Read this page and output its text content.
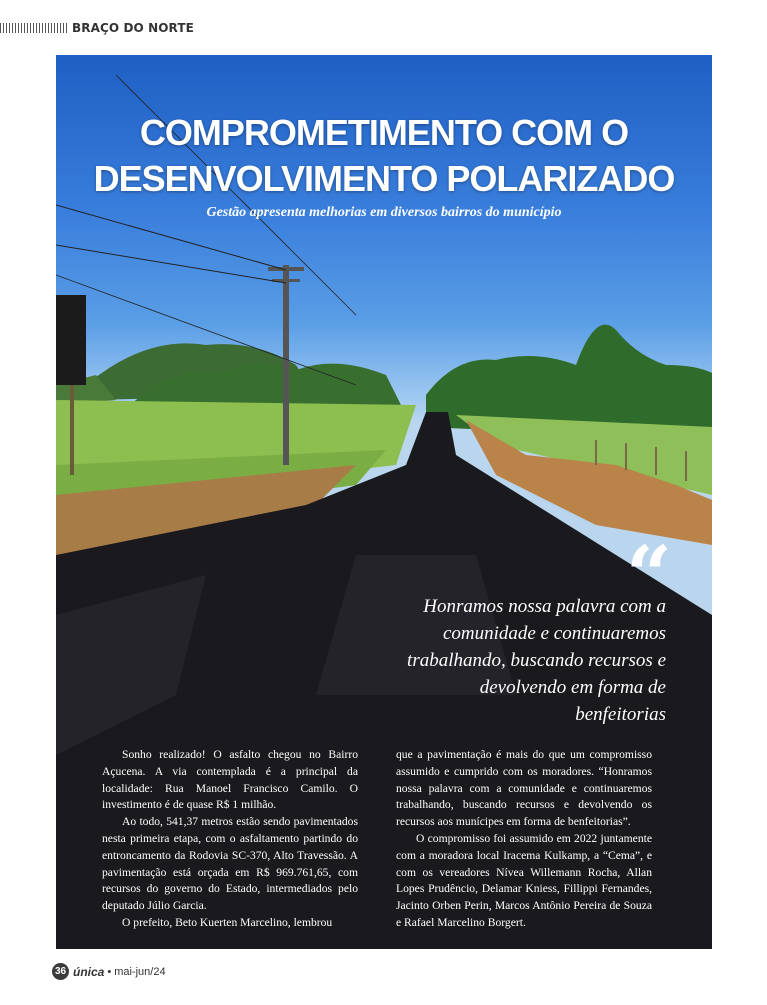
BRAÇO DO NORTE
COMPROMETIMENTO COM O DESENVOLVIMENTO POLARIZADO
Gestão apresenta melhorias em diversos bairros do município
“
Honramos nossa palavra com a comunidade e continuaremos trabalhando, buscando recursos e devolvendo em forma de benfeitorias

Sonho realizado! O asfalto chegou no Bairro Açucena. A via contemplada é a principal da localidade: Rua Manoel Francisco Camilo. O investimento é de quase R$ 1 milhão.

Ao todo, 541,37 metros estão sendo pavimentados nesta primeira etapa, com o asfaltamento partindo do entroncamento da Rodovia SC-370, Alto Travessão. A pavimentação está orçada em R$ 969.761,65, com recursos do governo do Estado, intermediados pelo deputado Júlio Garcia.

O prefeito, Beto Kuerten Marcelino, lembrou

que a pavimentação é mais do que um compromisso assumido e cumprido com os moradores. “Honramos nossa palavra com a comunidade e continuaremos trabalhando, buscando recursos e devolvendo os recursos aos munícipes em forma de benfeitorias”.

O compromisso foi assumido em 2022 juntamente com a moradora local Iracema Kulkamp, a “Cema”, e com os vereadores Nívea Willemann Rocha, Allan Lopes Prudêncio, Delamar Kniess, Fillippi Fernandes, Jacinto Orben Perin, Marcos Antônio Pereira de Souza e Rafael Marcelino Borgert.

36 única • mai-jun/24
